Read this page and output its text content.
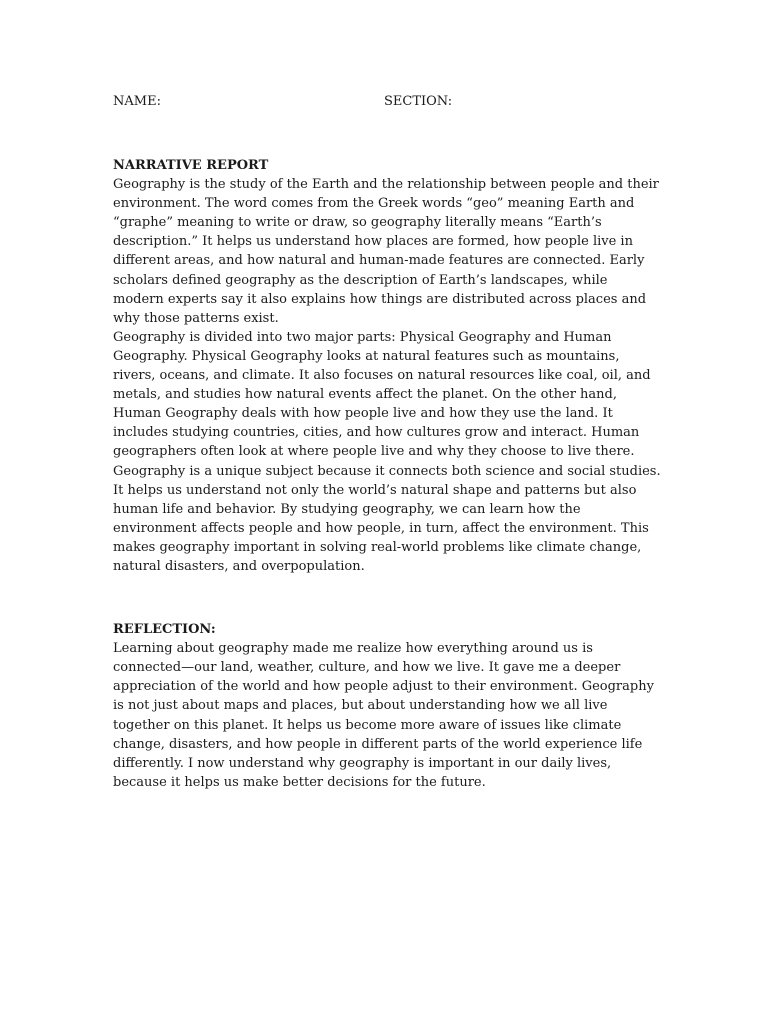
NAME:	SECTION:
NARRATIVE REPORT

Geography is the study of the Earth and the relationship between people and their environment. The word comes from the Greek words “geo” meaning Earth and “graphe” meaning to write or draw, so geography literally means “Earth’s description.” It helps us understand how places are formed, how people live in different areas, and how natural and human-made features are connected. Early scholars defined geography as the description of Earth’s landscapes, while modern experts say it also explains how things are distributed across places and why those patterns exist.

Geography is divided into two major parts: Physical Geography and Human Geography. Physical Geography looks at natural features such as mountains, rivers, oceans, and climate. It also focuses on natural resources like coal, oil, and metals, and studies how natural events affect the planet. On the other hand, Human Geography deals with how people live and how they use the land. It includes studying countries, cities, and how cultures grow and interact. Human geographers often look at where people live and why they choose to live there.

Geography is a unique subject because it connects both science and social studies. It helps us understand not only the world’s natural shape and patterns but also human life and behavior. By studying geography, we can learn how the environment affects people and how people, in turn, affect the environment. This makes geography important in solving real-world problems like climate change, natural disasters, and overpopulation.

REFLECTION:

Learning about geography made me realize how everything around us is connected—our land, weather, culture, and how we live. It gave me a deeper appreciation of the world and how people adjust to their environment. Geography is not just about maps and places, but about understanding how we all live together on this planet. It helps us become more aware of issues like climate change, disasters, and how people in different parts of the world experience life differently. I now understand why geography is important in our daily lives, because it helps us make better decisions for the future.
